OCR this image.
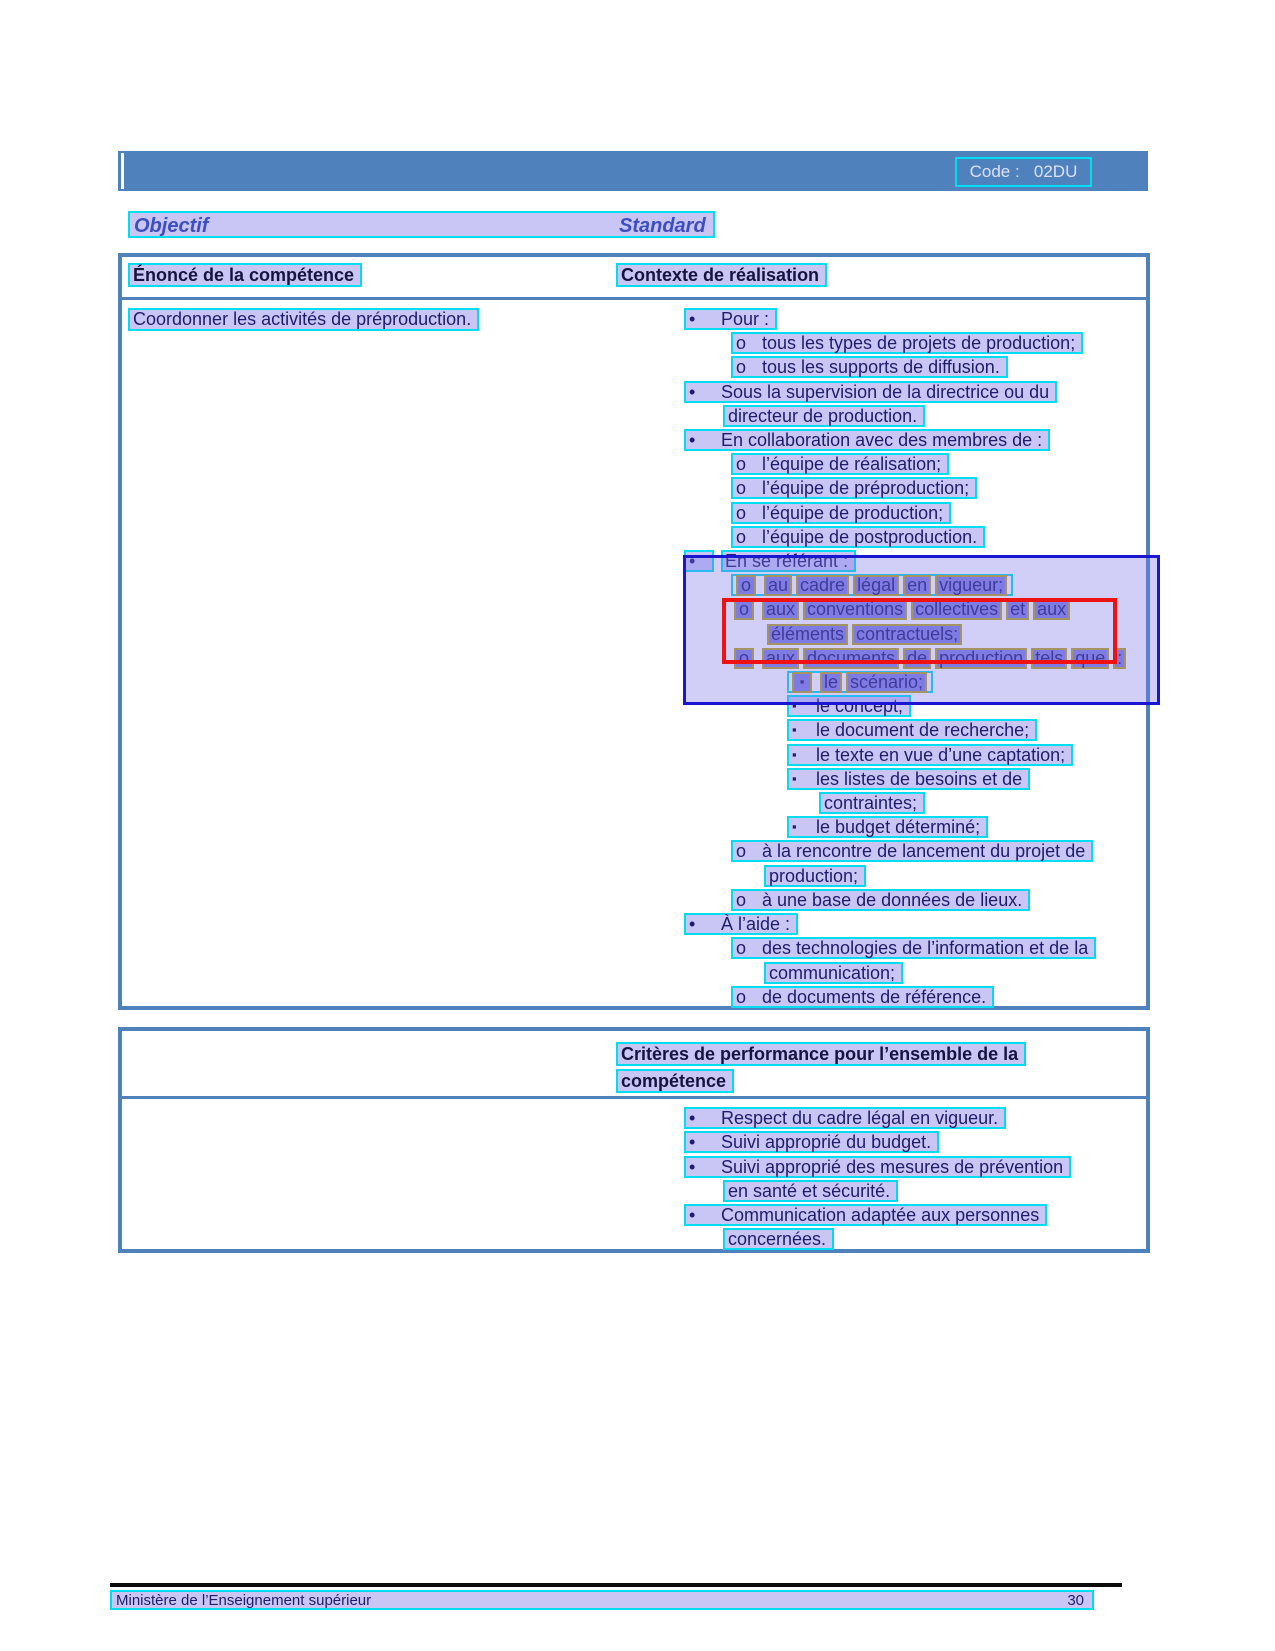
Code :   02DU
Objectif	Standard
Énoncé de la compétence	Contexte de réalisation
Coordonner les activités de préproduction.	•	Pour :
o tous les types de projets de production;
o tous les supports de diffusion.
•	Sous la supervision de la directrice ou du
directeur de production.
•	En collaboration avec des membres de :
o l’équipe de réalisation;
o l’équipe de préproduction;
o l’équipe de production;
o l’équipe de postproduction.
•	En se référant :
o au cadre légal en vigueur;
o aux conventions collectives et aux
éléments contractuels;
o aux documents de production tels que :
▪	le scénario;
▪	le concept;
▪	le document de recherche;
▪	le texte en vue d’une captation;
▪	les listes de besoins et de
contraintes;
▪	le budget déterminé;
o à la rencontre de lancement du projet de
production;
o à une base de données de lieux.
•	À l’aide :
o des technologies de l’information et de la
communication;
o de documents de référence.
Critères de performance pour l’ensemble de la
compétence
•	Respect du cadre légal en vigueur.
•	Suivi approprié du budget.
•	Suivi approprié des mesures de prévention
en santé et sécurité.
•	Communication adaptée aux personnes
concernées.
Ministère de l’Enseignement supérieur	30
